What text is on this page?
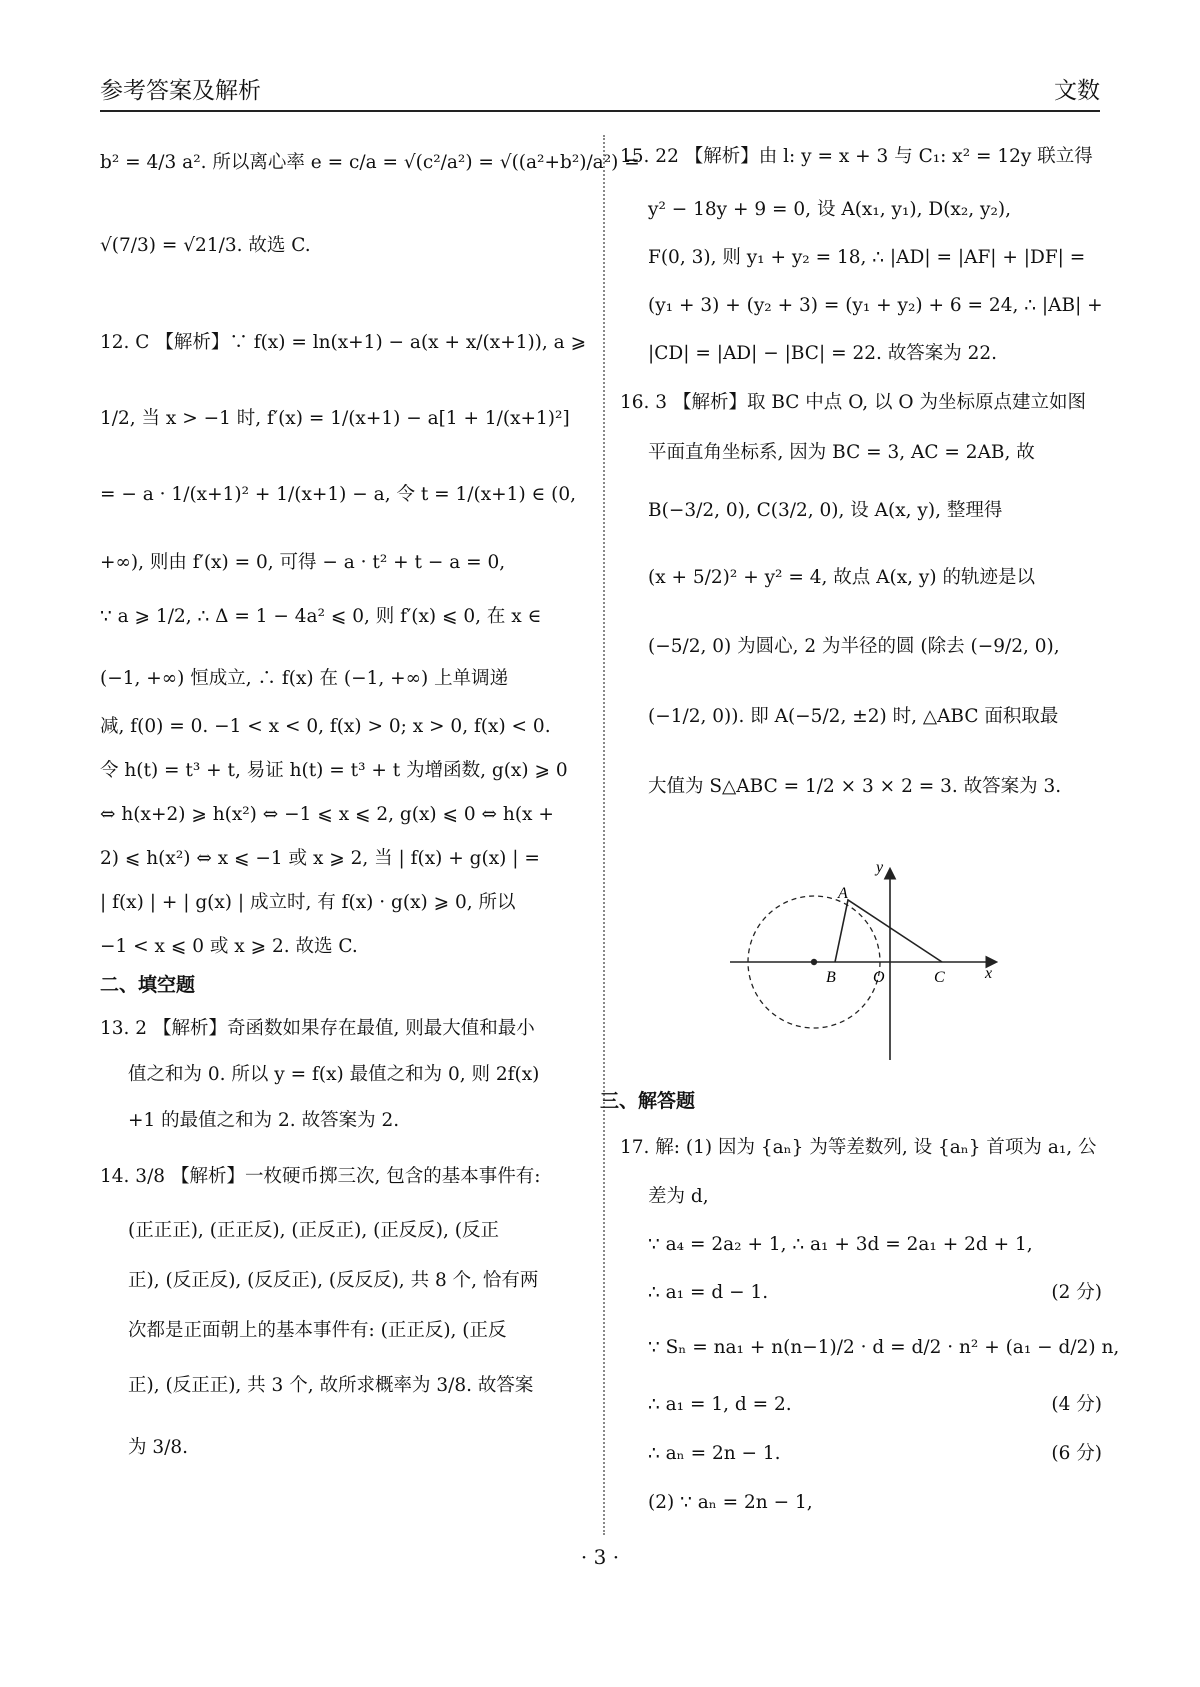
参考答案及解析	文数
b² = 4/3 a². 所以离心率 e = c/a = √(c²/a²) = √((a²+b²)/a²) =
√(7/3) = √21/3. 故选 C.
12. C 【解析】∵ f(x) = ln(x+1) − a(x + x/(x+1)), a ⩾
1/2, 当 x > −1 时, f′(x) = 1/(x+1) − a[1 + 1/(x+1)²]
= − a · 1/(x+1)² + 1/(x+1) − a, 令 t = 1/(x+1) ∈ (0,
+∞), 则由 f′(x) = 0, 可得 − a · t² + t − a = 0,
∵ a ⩾ 1/2, ∴ Δ = 1 − 4a² ⩽ 0, 则 f′(x) ⩽ 0, 在 x ∈
(−1, +∞) 恒成立, ∴ f(x) 在 (−1, +∞) 上单调递
减, f(0) = 0. −1 < x < 0, f(x) > 0; x > 0, f(x) < 0.
令 h(t) = t³ + t, 易证 h(t) = t³ + t 为增函数, g(x) ⩾ 0
⇔ h(x+2) ⩾ h(x²) ⇔ −1 ⩽ x ⩽ 2, g(x) ⩽ 0 ⇔ h(x +
2) ⩽ h(x²) ⇔ x ⩽ −1 或 x ⩾ 2, 当 | f(x) + g(x) | =
| f(x) | + | g(x) | 成立时, 有 f(x) · g(x) ⩾ 0, 所以
−1 < x ⩽ 0 或 x ⩾ 2. 故选 C.
二、填空题
13. 2 【解析】奇函数如果存在最值, 则最大值和最小
值之和为 0. 所以 y = f(x) 最值之和为 0, 则 2f(x)
+1 的最值之和为 2. 故答案为 2.
14. 3/8 【解析】一枚硬币掷三次, 包含的基本事件有:
(正正正), (正正反), (正反正), (正反反), (反正
正), (反正反), (反反正), (反反反), 共 8 个, 恰有两
次都是正面朝上的基本事件有: (正正反), (正反
正), (反正正), 共 3 个, 故所求概率为 3/8. 故答案
为 3/8.
15. 22 【解析】由 l: y = x + 3 与 C₁: x² = 12y 联立得
y² − 18y + 9 = 0, 设 A(x₁, y₁), D(x₂, y₂),
F(0, 3), 则 y₁ + y₂ = 18, ∴ |AD| = |AF| + |DF| =
(y₁ + 3) + (y₂ + 3) = (y₁ + y₂) + 6 = 24, ∴ |AB| +
|CD| = |AD| − |BC| = 22. 故答案为 22.
16. 3 【解析】取 BC 中点 O, 以 O 为坐标原点建立如图
平面直角坐标系, 因为 BC = 3, AC = 2AB, 故
B(−3/2, 0), C(3/2, 0), 设 A(x, y), 整理得
(x + 5/2)² + y² = 4, 故点 A(x, y) 的轨迹是以
(−5/2, 0) 为圆心, 2 为半径的圆 (除去 (−9/2, 0),
(−1/2, 0)). 即 A(−5/2, ±2) 时, △ABC 面积取最
大值为 S△ABC = 1/2 × 3 × 2 = 3. 故答案为 3.
y
x
A
B O	C
三、解答题
17. 解: (1) 因为 {aₙ} 为等差数列, 设 {aₙ} 首项为 a₁, 公
差为 d,
∵ a₄ = 2a₂ + 1, ∴ a₁ + 3d = 2a₁ + 2d + 1,
∴ a₁ = d − 1.	(2 分)
∵ Sₙ = na₁ + n(n−1)/2 · d = d/2 · n² + (a₁ − d/2) n,
∴ a₁ = 1, d = 2.	(4 分)
∴ aₙ = 2n − 1.	(6 分)
(2) ∵ aₙ = 2n − 1,
· 3 ·
